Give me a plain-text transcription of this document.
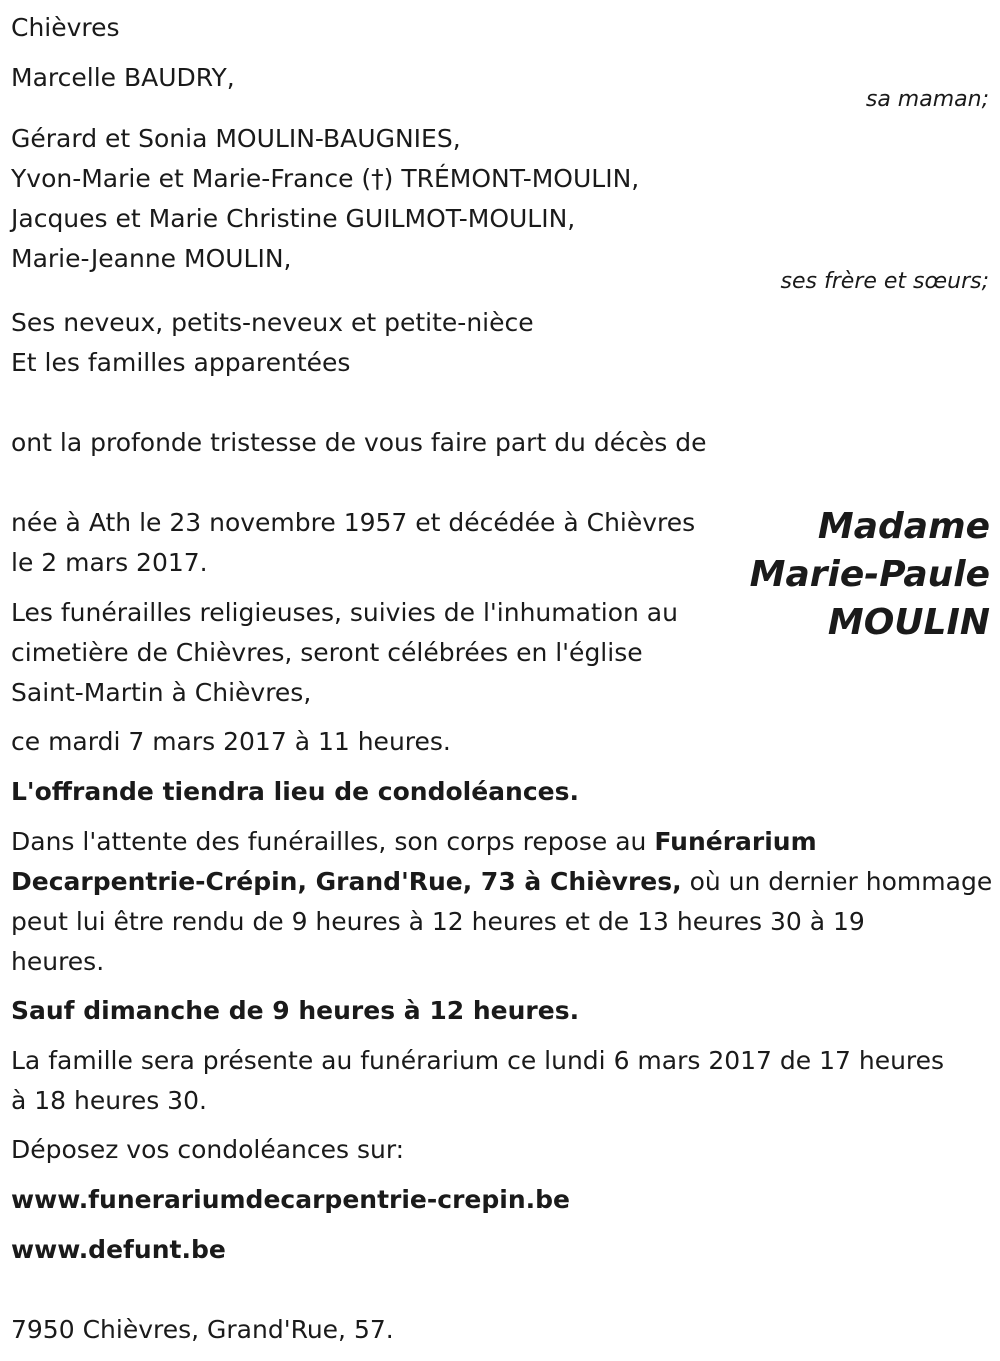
Chièvres
Marcelle BAUDRY,
sa maman;
Gérard et Sonia MOULIN-BAUGNIES,
Yvon-Marie et Marie-France (†) TRÉMONT-MOULIN,
Jacques et Marie Christine GUILMOT-MOULIN,
Marie-Jeanne MOULIN,
ses frère et sœurs;
Ses neveux, petits-neveux et petite-nièce
Et les familles apparentées
ont la profonde tristesse de vous faire part du décès de
Madame
Marie-Paule
MOULIN
née à Ath le 23 novembre 1957 et décédée à Chièvres
le 2 mars 2017.
Les funérailles religieuses, suivies de l'inhumation au
cimetière de Chièvres, seront célébrées en l'église
Saint-Martin à Chièvres,
ce mardi 7 mars 2017 à 11 heures.
L'offrande tiendra lieu de condoléances.
Dans l'attente des funérailles, son corps repose au Funérarium
Decarpentrie-Crépin, Grand'Rue, 73 à Chièvres, où un dernier hommage
peut lui être rendu de 9 heures à 12 heures et de 13 heures 30 à 19
heures.
Sauf dimanche de 9 heures à 12 heures.
La famille sera présente au funérarium ce lundi 6 mars 2017 de 17 heures
à 18 heures 30.
Déposez vos condoléances sur:
www.funerariumdecarpentrie-crepin.be
www.defunt.be
7950 Chièvres, Grand'Rue, 57.
